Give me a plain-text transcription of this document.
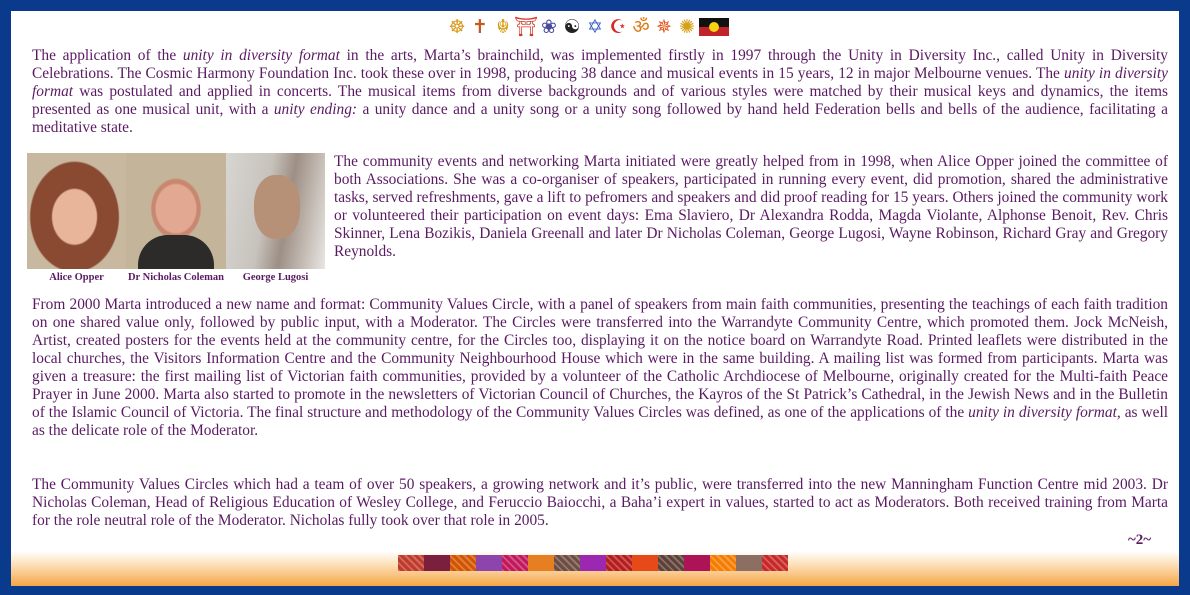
☸ ✝ ☬ ⛩ ❀ ☯ ✡ ☪ ॐ ✵ ✺

The application of the unity in diversity format in the arts, Marta’s brainchild, was implemented firstly in 1997 through the Unity in Diversity Inc., called Unity in Diversity Celebrations. The Cosmic Harmony Foundation Inc. took these over in 1998, producing 38 dance and musical events in 15 years, 12 in major Melbourne venues. The unity in diversity format was postulated and applied in concerts. The musical items from diverse backgrounds and of various styles were matched by their musical keys and dynamics, the items presented as one musical unit, with a unity ending: a unity dance and a unity song or a unity song followed by hand held Federation bells and bells of the audience, facilitating a meditative state.

Alice Opper	Dr Nicholas Coleman	George Lugosi

The community events and networking Marta initiated were greatly helped from in 1998, when Alice Opper joined the committee of both Associations. She was a co-organiser of speakers, participated in running every event, did promotion, shared the administrative tasks, served refreshments, gave a lift to pefromers and speakers and did proof reading for 15 years. Others joined the community work or volunteered their participation on event days: Ema Slaviero, Dr Alexandra Rodda, Magda Violante, Alphonse Benoit, Rev. Chris Skinner, Lena Bozikis, Daniela Greenall and later Dr Nicholas Coleman, George Lugosi, Wayne Robinson, Richard Gray and Gregory Reynolds.

From 2000 Marta introduced a new name and format: Community Values Circle, with a panel of speakers from main faith communities, presenting the teachings of each faith tradition on one shared value only, followed by public input, with a Moderator. The Circles were transferred into the Warrandyte Community Centre, which promoted them. Jock McNeish, Artist, created posters for the events held at the community centre, for the Circles too, displaying it on the notice board on Warrandyte Road. Printed leaflets were distributed in the local churches, the Visitors Information Centre and the Community Neighbourhood House which were in the same building. A mailing list was formed from participants. Marta was given a treasure: the first mailing list of Victorian faith communities, provided by a volunteer of the Catholic Archdiocese of Melbourne, originally created for the Multi-faith Peace Prayer in June 2000. Marta also started to promote in the newsletters of Victorian Council of Churches, the Kayros of the St Patrick’s Cathedral, in the Jewish News and in the Bulletin of the Islamic Council of Victoria. The final structure and methodology of the Community Values Circles was defined, as one of the applications of the unity in diversity format, as well as the delicate role of the Moderator.

The Community Values Circles which had a team of over 50 speakers, a growing network and it’s public, were transferred into the new Manningham Function Centre mid 2003. Dr Nicholas Coleman, Head of Religious Education of Wesley College, and Feruccio Baiocchi, a Baha’i expert in values, started to act as Moderators. Both received training from Marta for the role neutral role of the Moderator. Nicholas fully took over that role in 2005.

~2~
